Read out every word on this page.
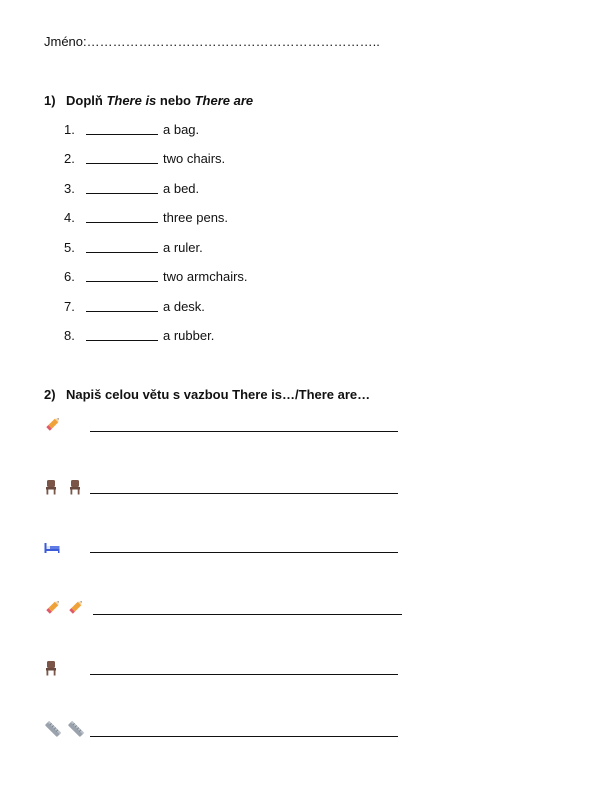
Jméno:…………………………………………………………..
1) Doplň There is nebo There are
1.	a bag.
2.	two chairs.
3.	a bed.
4.	three pens.
5.	a ruler.
6.	two armchairs.
7.	a desk.
8.	a rubber.
2) Napiš celou větu s vazbou There is…/There are…
